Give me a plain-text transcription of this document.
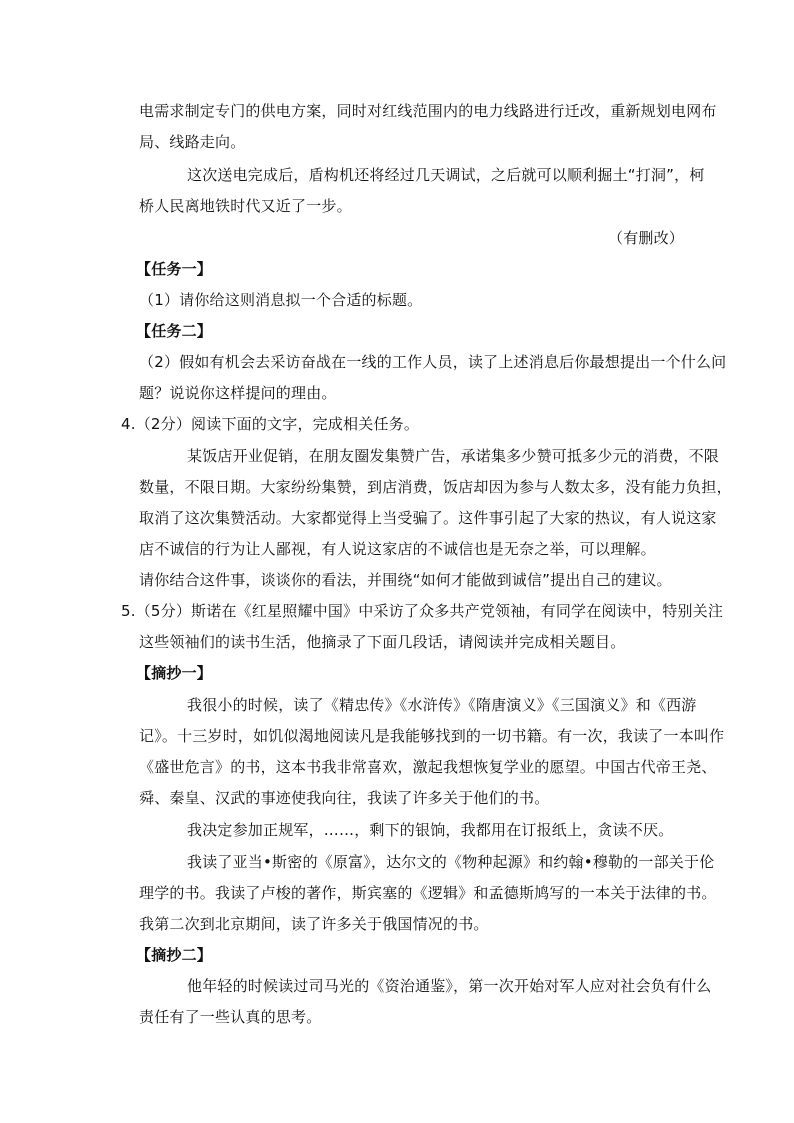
电需求制定专门的供电方案，同时对红线范围内的电力线路进行迁改，重新规划电网布
局、线路走向。
这次送电完成后，盾构机还将经过几天调试，之后就可以顺利掘土“打洞”，柯
桥人民离地铁时代又近了一步。
（有删改）
【任务一】
（1）请你给这则消息拟一个合适的标题。
【任务二】
（2）假如有机会去采访奋战在一线的工作人员，读了上述消息后你最想提出一个什么问
题？说说你这样提问的理由。
4.（2分）阅读下面的文字，完成相关任务。
某饭店开业促销，在朋友圈发集赞广告，承诺集多少赞可抵多少元的消费，不限
数量，不限日期。大家纷纷集赞，到店消费，饭店却因为参与人数太多，没有能力负担，
取消了这次集赞活动。大家都觉得上当受骗了。这件事引起了大家的热议，有人说这家
店不诚信的行为让人鄙视，有人说这家店的不诚信也是无奈之举，可以理解。
请你结合这件事，谈谈你的看法，并围绕“如何才能做到诚信”提出自己的建议。
5.（5分）斯诺在《红星照耀中国》中采访了众多共产党领袖，有同学在阅读中，特别关注
这些领袖们的读书生活，他摘录了下面几段话，请阅读并完成相关题目。
【摘抄一】
我很小的时候，读了《精忠传》《水浒传》《隋唐演义》《三国演义》和《西游
记》。十三岁时，如饥似渴地阅读凡是我能够找到的一切书籍。有一次，我读了一本叫作
《盛世危言》的书，这本书我非常喜欢，激起我想恢复学业的愿望。中国古代帝王尧、
舜、秦皇、汉武的事迹使我向往，我读了许多关于他们的书。
我决定参加正规军，……，剩下的银饷，我都用在订报纸上，贪读不厌。
我读了亚当•斯密的《原富》，达尔文的《物种起源》和约翰•穆勒的一部关于伦
理学的书。我读了卢梭的著作，斯宾塞的《逻辑》和孟德斯鸠写的一本关于法律的书。
我第二次到北京期间，读了许多关于俄国情况的书。
【摘抄二】
他年轻的时候读过司马光的《资治通鉴》，第一次开始对军人应对社会负有什么
责任有了一些认真的思考。
